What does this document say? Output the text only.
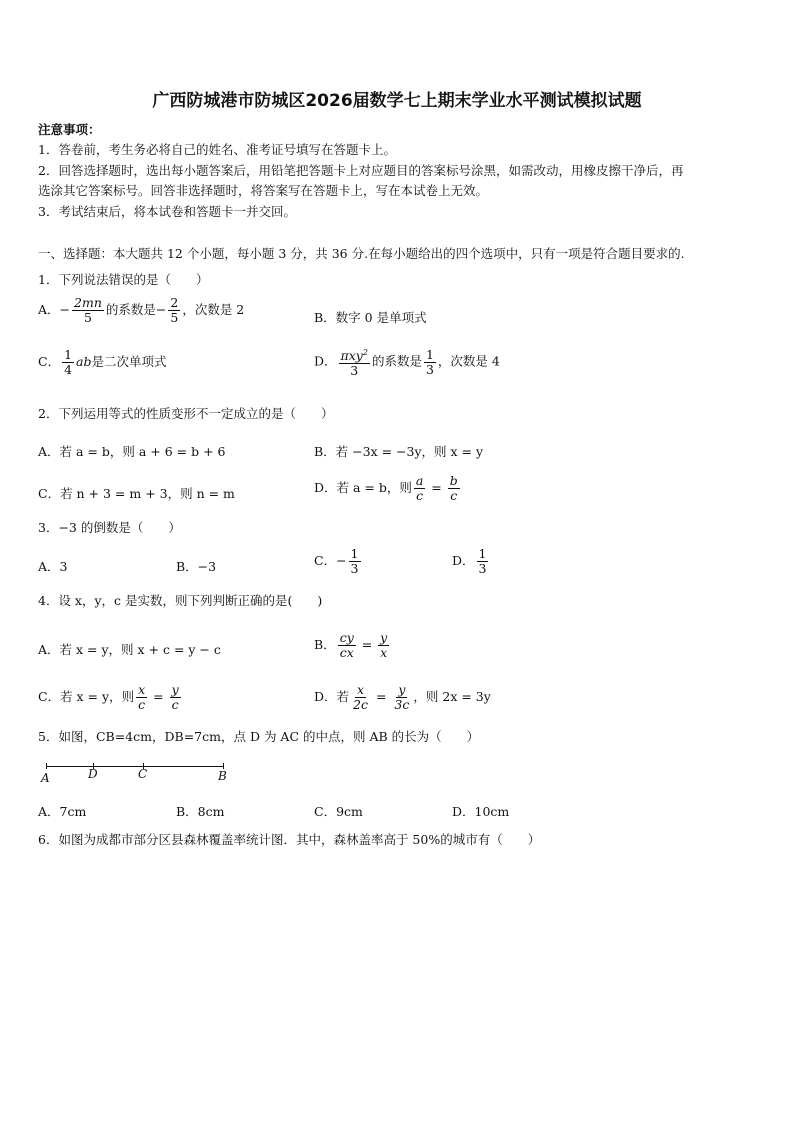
广西防城港市防城区2026届数学七上期末学业水平测试模拟试题
注意事项：
1．答卷前，考生务必将自己的姓名、准考证号填写在答题卡上。
2．回答选择题时，选出每小题答案后，用铅笔把答题卡上对应题目的答案标号涂黑，如需改动，用橡皮擦干净后，再
选涂其它答案标号。回答非选择题时，将答案写在答题卡上，写在本试卷上无效。
3．考试结束后，将本试卷和答题卡一并交回。
一、选择题：本大题共 12 个小题，每小题 3 分，共 36 分.在每小题给出的四个选项中，只有一项是符合题目要求的.
1．下列说法错误的是（　　）
A．− $\frac{2mn}{5}$ 的系数是− $\frac{2}{5}$ ，次数是 2
B．数字 0 是单项式
C． $\frac{1}{4}$ ab是二次单项式	D． $\frac{\pi xy^2}{3}$ 的系数是 $\frac{1}{3}$ ，次数是 4
2．下列运用等式的性质变形不一定成立的是（　　）
A．若 a = b，则 a + 6 = b + 6	B．若 −3x = −3y，则 x = y
C．若 n + 3 = m + 3，则 n = m	D．若 a = b，则 $\frac{a}{c} = \frac{b}{c}$
3．−3 的倒数是（　　）
A．3	B．−3	C．− $\frac{1}{3}$	D． $\frac{1}{3}$
4．设 x，y，c 是实数，则下列判断正确的是(　　)
A．若 x = y，则 x + c = y − c	B． $\frac{cy}{cx} = \frac{y}{x}$
C．若 x = y，则 $\frac{x}{c} = \frac{y}{c}$	D．若 $\frac{x}{2c} = \frac{y}{3c}$ ，则 2x = 3y
5．如图，CB=4cm，DB=7cm，点 D 为 AC 的中点，则 AB 的长为（　　）
A	D	C	B
A．7cm	B．8cm	C．9cm	D．10cm
6．如图为成都市部分区县森林覆盖率统计图．其中，森林盖率高于 50%的城市有（　　）
